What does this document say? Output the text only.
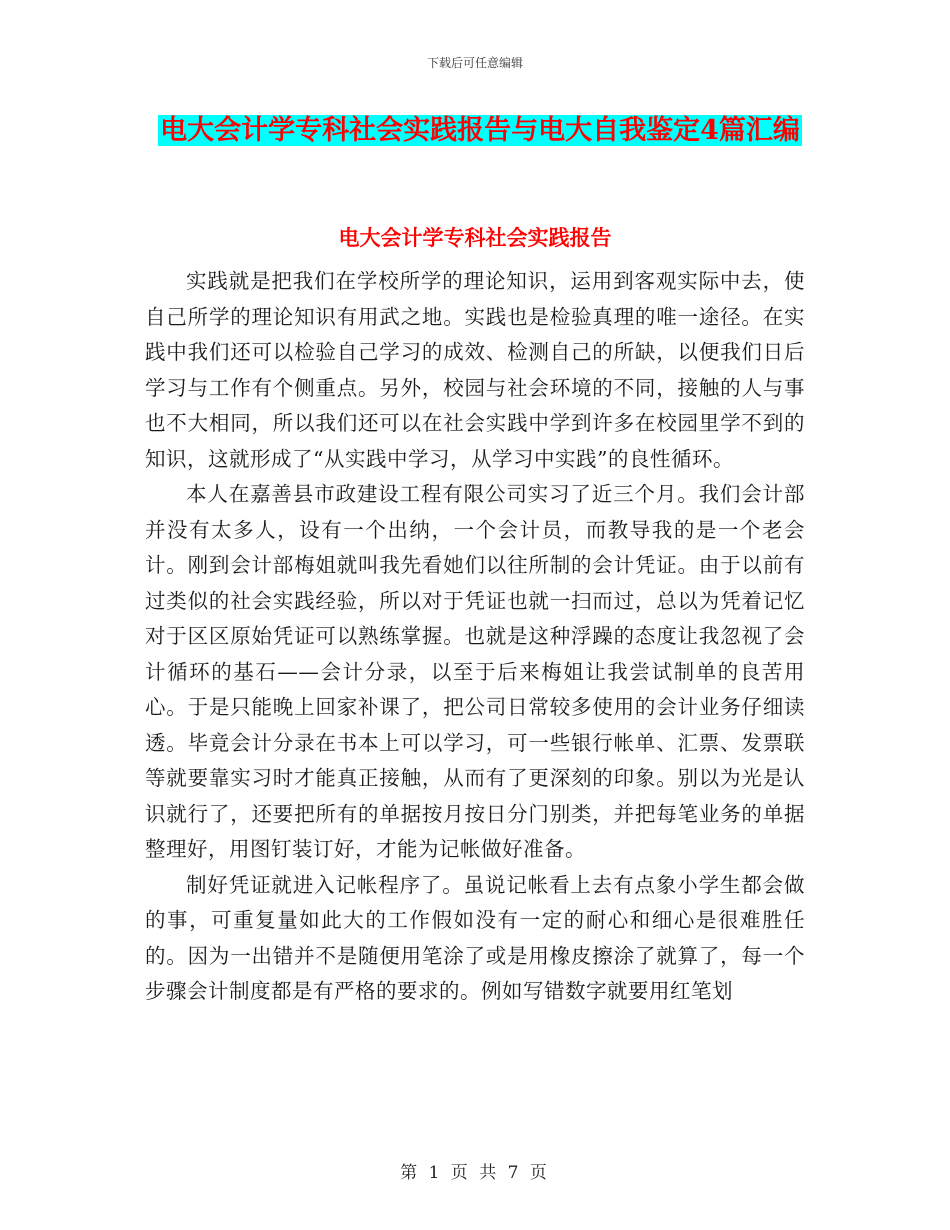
下载后可任意编辑
电大会计学专科社会实践报告与电大自我鉴定4篇汇编
电大会计学专科社会实践报告

实践就是把我们在学校所学的理论知识，运用到客观实际中去，使自己所学的理论知识有用武之地。实践也是检验真理的唯一途径。在实践中我们还可以检验自己学习的成效、检测自己的所缺，以便我们日后学习与工作有个侧重点。另外，校园与社会环境的不同，接触的人与事也不大相同，所以我们还可以在社会实践中学到许多在校园里学不到的知识，这就形成了“从实践中学习，从学习中实践”的良性循环。

本人在嘉善县市政建设工程有限公司实习了近三个月。我们会计部并没有太多人，设有一个出纳，一个会计员，而教导我的是一个老会计。刚到会计部梅姐就叫我先看她们以往所制的会计凭证。由于以前有过类似的社会实践经验，所以对于凭证也就一扫而过，总以为凭着记忆对于区区原始凭证可以熟练掌握。也就是这种浮躁的态度让我忽视了会计循环的基石——会计分录，以至于后来梅姐让我尝试制单的良苦用心。于是只能晚上回家补课了，把公司日常较多使用的会计业务仔细读透。毕竟会计分录在书本上可以学习，可一些银行帐单、汇票、发票联等就要靠实习时才能真正接触，从而有了更深刻的印象。别以为光是认识就行了，还要把所有的单据按月按日分门别类，并把每笔业务的单据整理好，用图钉装订好，才能为记帐做好准备。

制好凭证就进入记帐程序了。虽说记帐看上去有点象小学生都会做的事，可重复量如此大的工作假如没有一定的耐心和细心是很难胜任的。因为一出错并不是随便用笔涂了或是用橡皮擦涂了就算了，每一个步骤会计制度都是有严格的要求的。例如写错数字就要用红笔划

第 1 页 共 7 页
